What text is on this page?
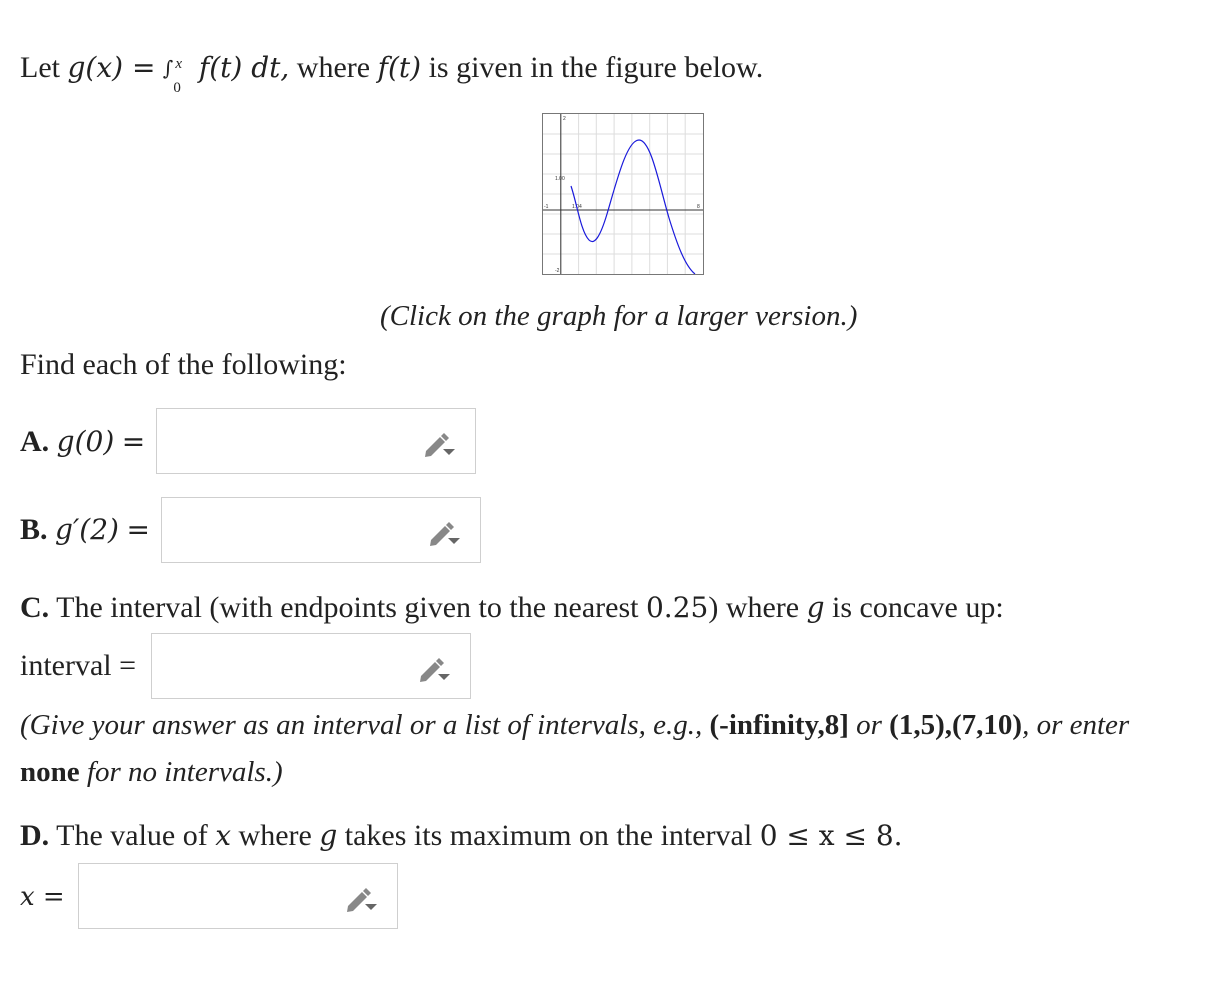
Let g(x) = ∫ x
0
f(t) dt, where f(t) is given in the figure below.
2
1.00
1.04
-1	8
-2
(Click on the graph for a larger version.)
Find each of the following:
A. g(0) =
B. g′(2) =
C. The interval (with endpoints given to the nearest 0.25) where g is concave up:
interval =
(Give your answer as an interval or a list of intervals, e.g., (-infinity,8] or (1,5),(7,10), or enter
none for no intervals.)
D. The value of x where g takes its maximum on the interval 0 ≤ x ≤ 8.
x =
